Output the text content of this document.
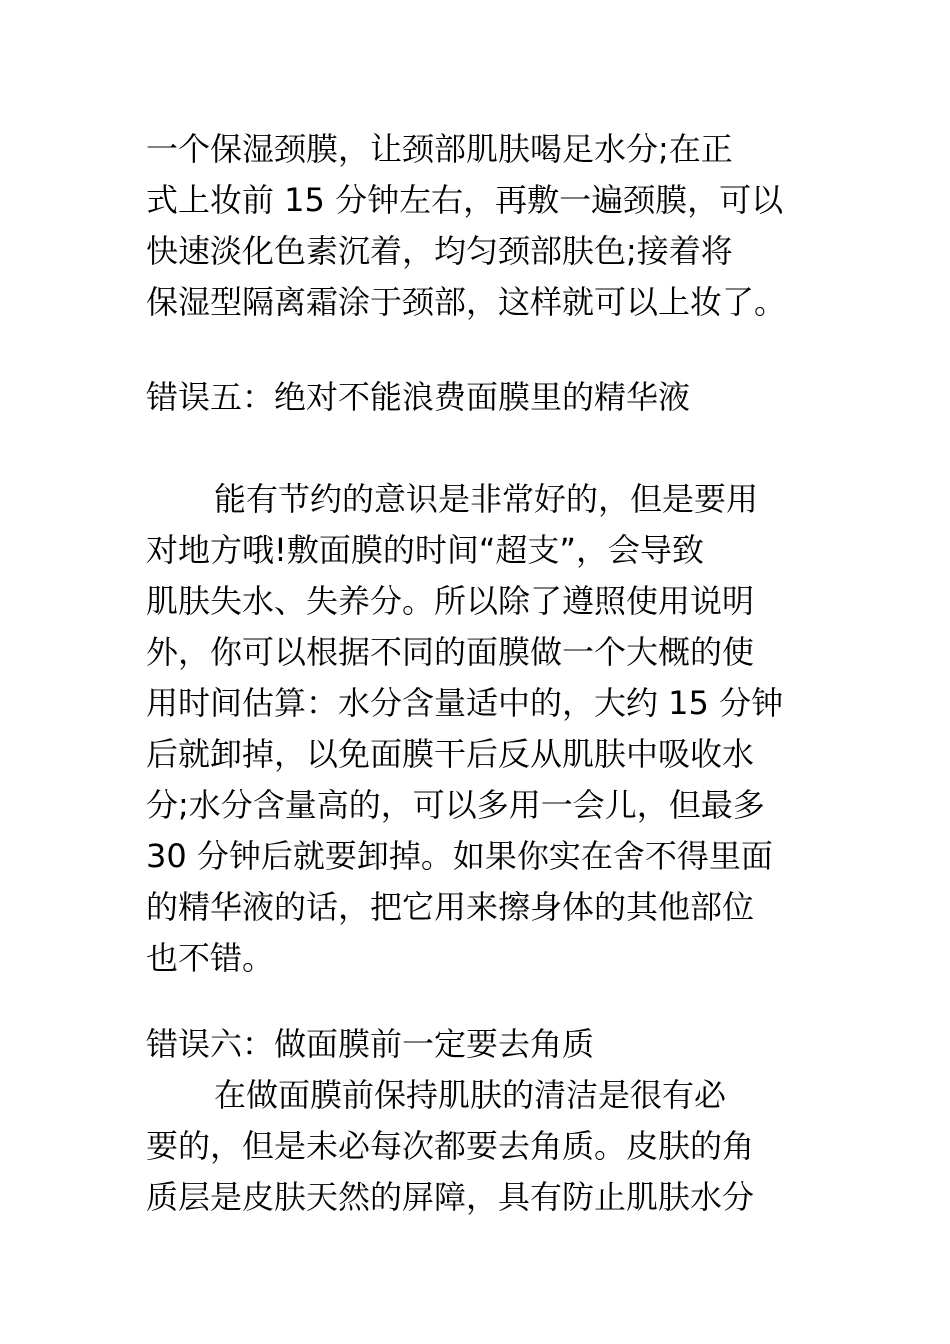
一个保湿颈膜，让颈部肌肤喝足水分;在正
式上妆前 15 分钟左右，再敷一遍颈膜，可以
快速淡化色素沉着，均匀颈部肤色;接着将
保湿型隔离霜涂于颈部，这样就可以上妆了。
错误五：绝对不能浪费面膜里的精华液
能有节约的意识是非常好的，但是要用
对地方哦!敷面膜的时间“超支”，会导致
肌肤失水、失养分。所以除了遵照使用说明
外，你可以根据不同的面膜做一个大概的使
用时间估算：水分含量适中的，大约 15 分钟
后就卸掉，以免面膜干后反从肌肤中吸收水
分;水分含量高的，可以多用一会儿，但最多
30 分钟后就要卸掉。如果你实在舍不得里面
的精华液的话，把它用来擦身体的其他部位
也不错。
错误六：做面膜前一定要去角质
在做面膜前保持肌肤的清洁是很有必
要的，但是未必每次都要去角质。皮肤的角
质层是皮肤天然的屏障，具有防止肌肤水分
